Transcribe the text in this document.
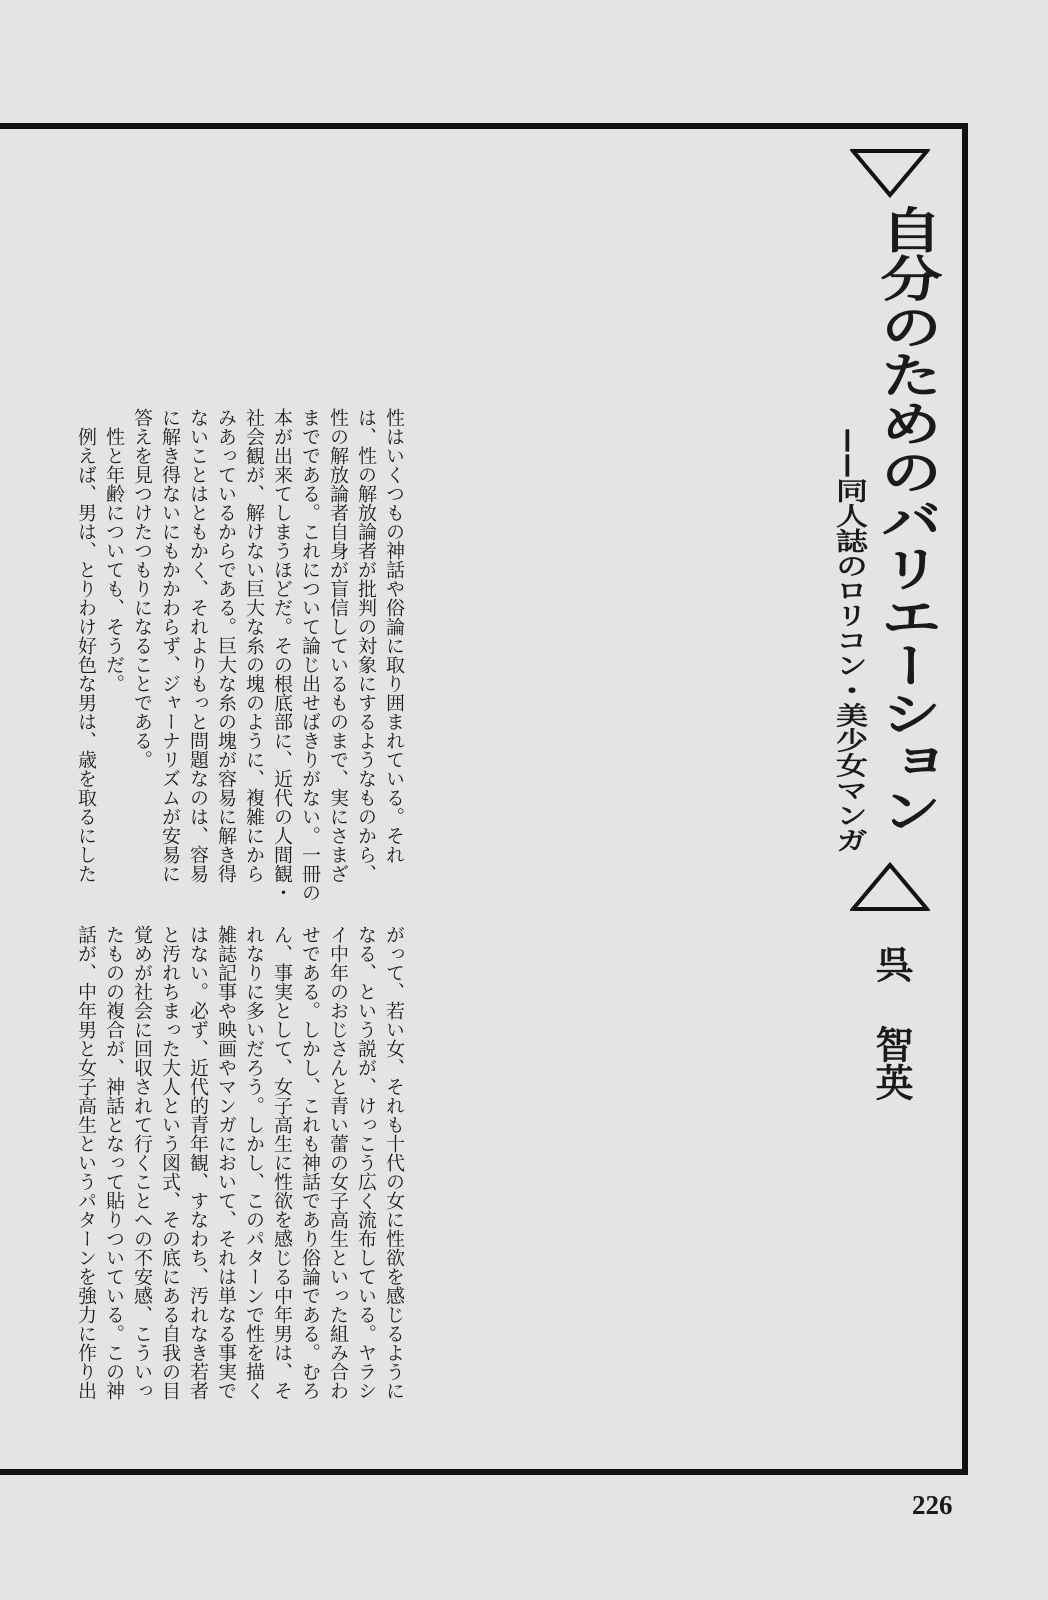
自分のためのバリエーション
——同人誌のロリコン・美少女マンガ
呉智英
性はいくつもの神話や俗論に取り囲まれている。それ
は、性の解放論者が批判の対象にするようなものから、
性の解放論者自身が盲信しているものまで、実にさまざ
までである。これについて論じ出せばきりがない。一冊の
本が出来てしまうほどだ。その根底部に、近代の人間観・
社会観が、解けない巨大な糸の塊のように、複雑にから
みあっているからである。巨大な糸の塊が容易に解き得
ないことはともかく、それよりもっと問題なのは、容易
に解き得ないにもかかわらず、ジャーナリズムが安易に
答えを見つけたつもりになることである。
　性と年齢についても、そうだ。
　例えば、男は、とりわけ好色な男は、歳を取るにした
がって、若い女、それも十代の女に性欲を感じるように
なる、という説が、けっこう広く流布している。ヤラシ
イ中年のおじさんと青い蕾の女子高生といった組み合わ
せである。しかし、これも神話であり俗論である。むろ
ん、事実として、女子高生に性欲を感じる中年男は、そ
れなりに多いだろう。しかし、このパターンで性を描く
雑誌記事や映画やマンガにおいて、それは単なる事実で
はない。必ず、近代的青年観、すなわち、汚れなき若者
と汚れちまった大人という図式、その底にある自我の目
覚めが社会に回収されて行くことへの不安感、こういっ
たものの複合が、神話となって貼りついている。この神
話が、中年男と女子高生というパターンを強力に作り出
226
